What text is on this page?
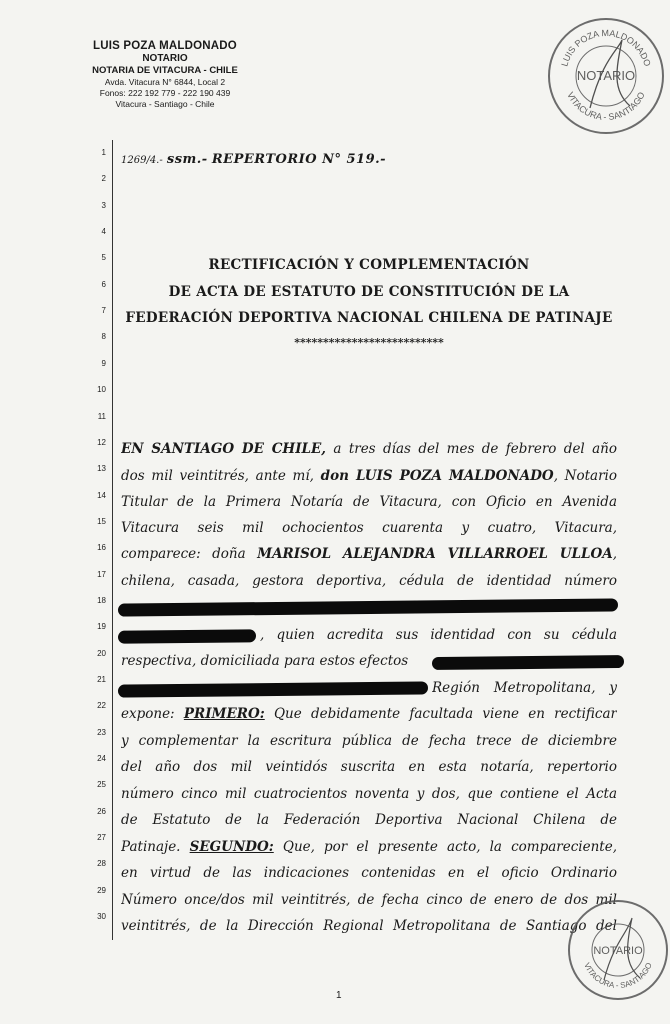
LUIS POZA MALDONADO
NOTARIO
NOTARIA DE VITACURA - CHILE
Avda. Vitacura N° 6844, Local 2
Fonos: 222 192 779 - 222 190 439
Vitacura - Santiago - Chile
LUIS POZA MALDONADO
VITACURA - SANTIAGO
NOTARIO
1
2
3
4
5
6
7
8
9
10
11
12
13
14
15
16
17
18
19
20
21
22
23
24
25
26
27
28
29
30
1269/4.- ssm.- REPERTORIO N° 519.-
RECTIFICACIÓN Y COMPLEMENTACIÓN
DE ACTA DE ESTATUTO DE CONSTITUCIÓN DE LA
FEDERACIÓN DEPORTIVA NACIONAL CHILENA DE PATINAJE
**************************
EN SANTIAGO DE CHILE, a tres días del mes de febrero del año
dos mil veintitrés, ante mí, don LUIS POZA MALDONADO, Notario
Titular de la Primera Notaría de Vitacura, con Oficio en Avenida
Vitacura seis mil ochocientos cuarenta y cuatro, Vitacura,
comparece: doña MARISOL ALEJANDRA VILLARROEL ULLOA,
chilena, casada, gestora deportiva, cédula de identidad número
, quien acredita sus identidad con su cédula
respectiva, domiciliada para estos efectos
Región Metropolitana, y
expone: PRIMERO: Que debidamente facultada viene en rectificar
y complementar la escritura pública de fecha trece de diciembre
del año dos mil veintidós suscrita en esta notaría, repertorio
número cinco mil cuatrocientos noventa y dos, que contiene el Acta
de Estatuto de la Federación Deportiva Nacional Chilena de
Patinaje. SEGUNDO: Que, por el presente acto, la compareciente,
en virtud de las indicaciones contenidas en el oficio Ordinario
Número once/dos mil veintitrés, de fecha cinco de enero de dos mil
veintitrés, de la Dirección Regional Metropolitana de Santiago del
NOTARIO
VITACURA - SANTIAGO
1
